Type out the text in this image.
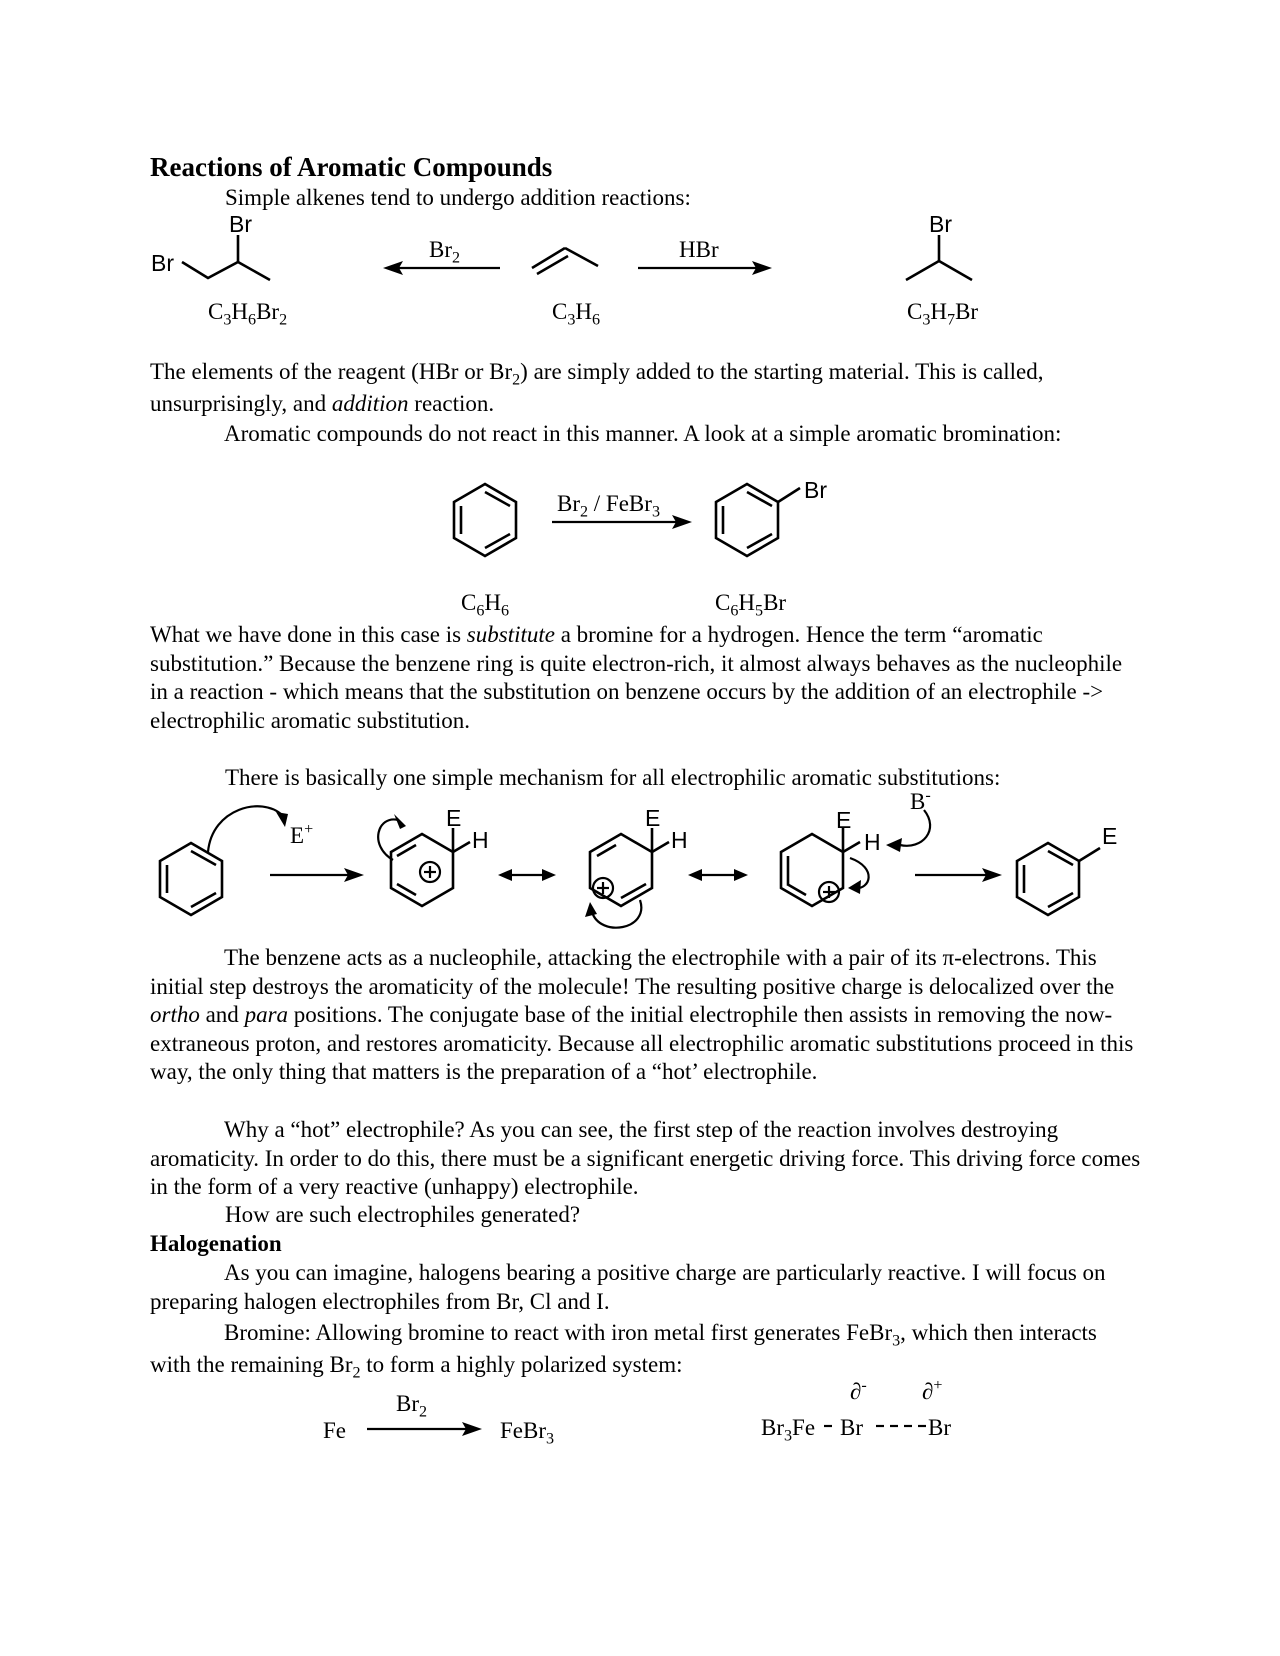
Reactions of Aromatic Compounds
Simple alkenes tend to undergo addition reactions:
Br
Br
$C_3H_6Br_2$
$Br_2$
$C_3H_6$
HBr
Br
$C_3H_7Br$
The elements of the reagent (HBr or $Br_2$) are simply added to the starting material. This is called, unsurprisingly, and addition reaction.
Aromatic compounds do not react in this manner. A look at a simple aromatic bromination:
$Br_2$ / FeBr$_3$
Br
$C_6H_6$	$C_6H_5Br$
What we have done in this case is substitute a bromine for a hydrogen. Hence the term “aromatic substitution.” Because the benzene ring is quite electron-rich, it almost always behaves as the nucleophile in a reaction - which means that the substitution on benzene occurs by the addition of an electrophile -> electrophilic aromatic substitution.
There is basically one simple mechanism for all electrophilic aromatic substitutions:
E+	E
H
E
H
E
H
B-
E
The benzene acts as a nucleophile, attacking the electrophile with a pair of its π-electrons. This initial step destroys the aromaticity of the molecule! The resulting positive charge is delocalized over the ortho and para positions. The conjugate base of the initial electrophile then assists in removing the now-extraneous proton, and restores aromaticity. Because all electrophilic aromatic substitutions proceed in this way, the only thing that matters is the preparation of a “hot’ electrophile.
Why a “hot” electrophile? As you can see, the first step of the reaction involves destroying aromaticity. In order to do this, there must be a significant energetic driving force. This driving force comes in the form of a very reactive (unhappy) electrophile.
How are such electrophiles generated?
Halogenation
As you can imagine, halogens bearing a positive charge are particularly reactive. I will focus on preparing halogen electrophiles from Br, Cl and I.
Bromine: Allowing bromine to react with iron metal first generates FeBr$_3$, which then interacts with the remaining $Br_2$ to form a highly polarized system:
Fe
$Br_2$
FeBr$_3$
∂- ∂+
$Br_3Fe$ Br	Br
